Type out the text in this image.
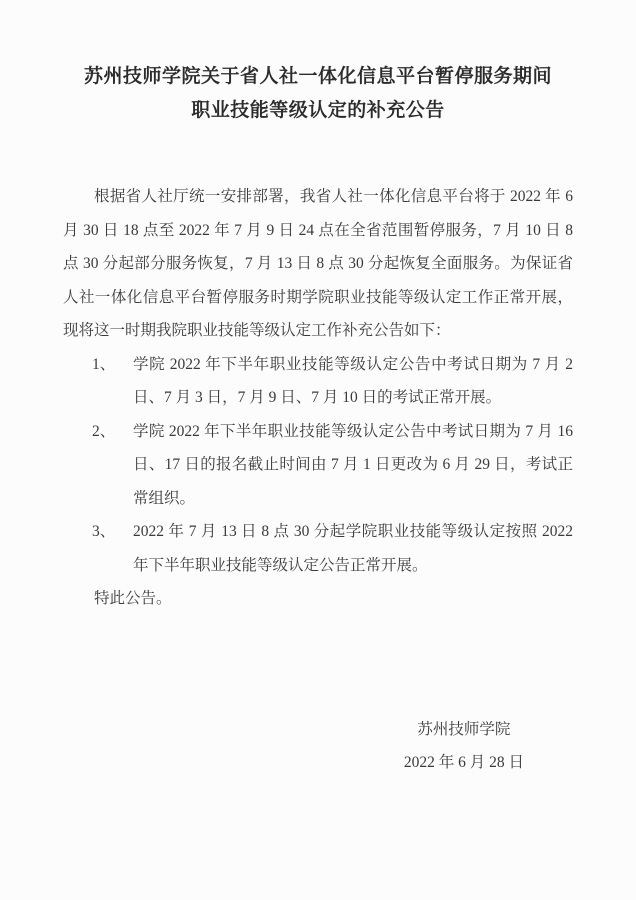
苏州技师学院关于省人社一体化信息平台暂停服务期间
职业技能等级认定的补充公告
根据省人社厅统一安排部署，我省人社一体化信息平台将于 2022 年 6
月 30 日 18 点至 2022 年 7 月 9 日 24 点在全省范围暂停服务，7 月 10 日 8
点 30 分起部分服务恢复，7 月 13 日 8 点 30 分起恢复全面服务。为保证省
人社一体化信息平台暂停服务时期学院职业技能等级认定工作正常开展，
现将这一时期我院职业技能等级认定工作补充公告如下：
1、 学院 2022 年下半年职业技能等级认定公告中考试日期为 7 月 2
日、7 月 3 日，7 月 9 日、7 月 10 日的考试正常开展。
2、 学院 2022 年下半年职业技能等级认定公告中考试日期为 7 月 16
日、17 日的报名截止时间由 7 月 1 日更改为 6 月 29 日，考试正
常组织。
3、 2022 年 7 月 13 日 8 点 30 分起学院职业技能等级认定按照 2022
年下半年职业技能等级认定公告正常开展。
特此公告。
苏州技师学院
2022 年 6 月 28 日
